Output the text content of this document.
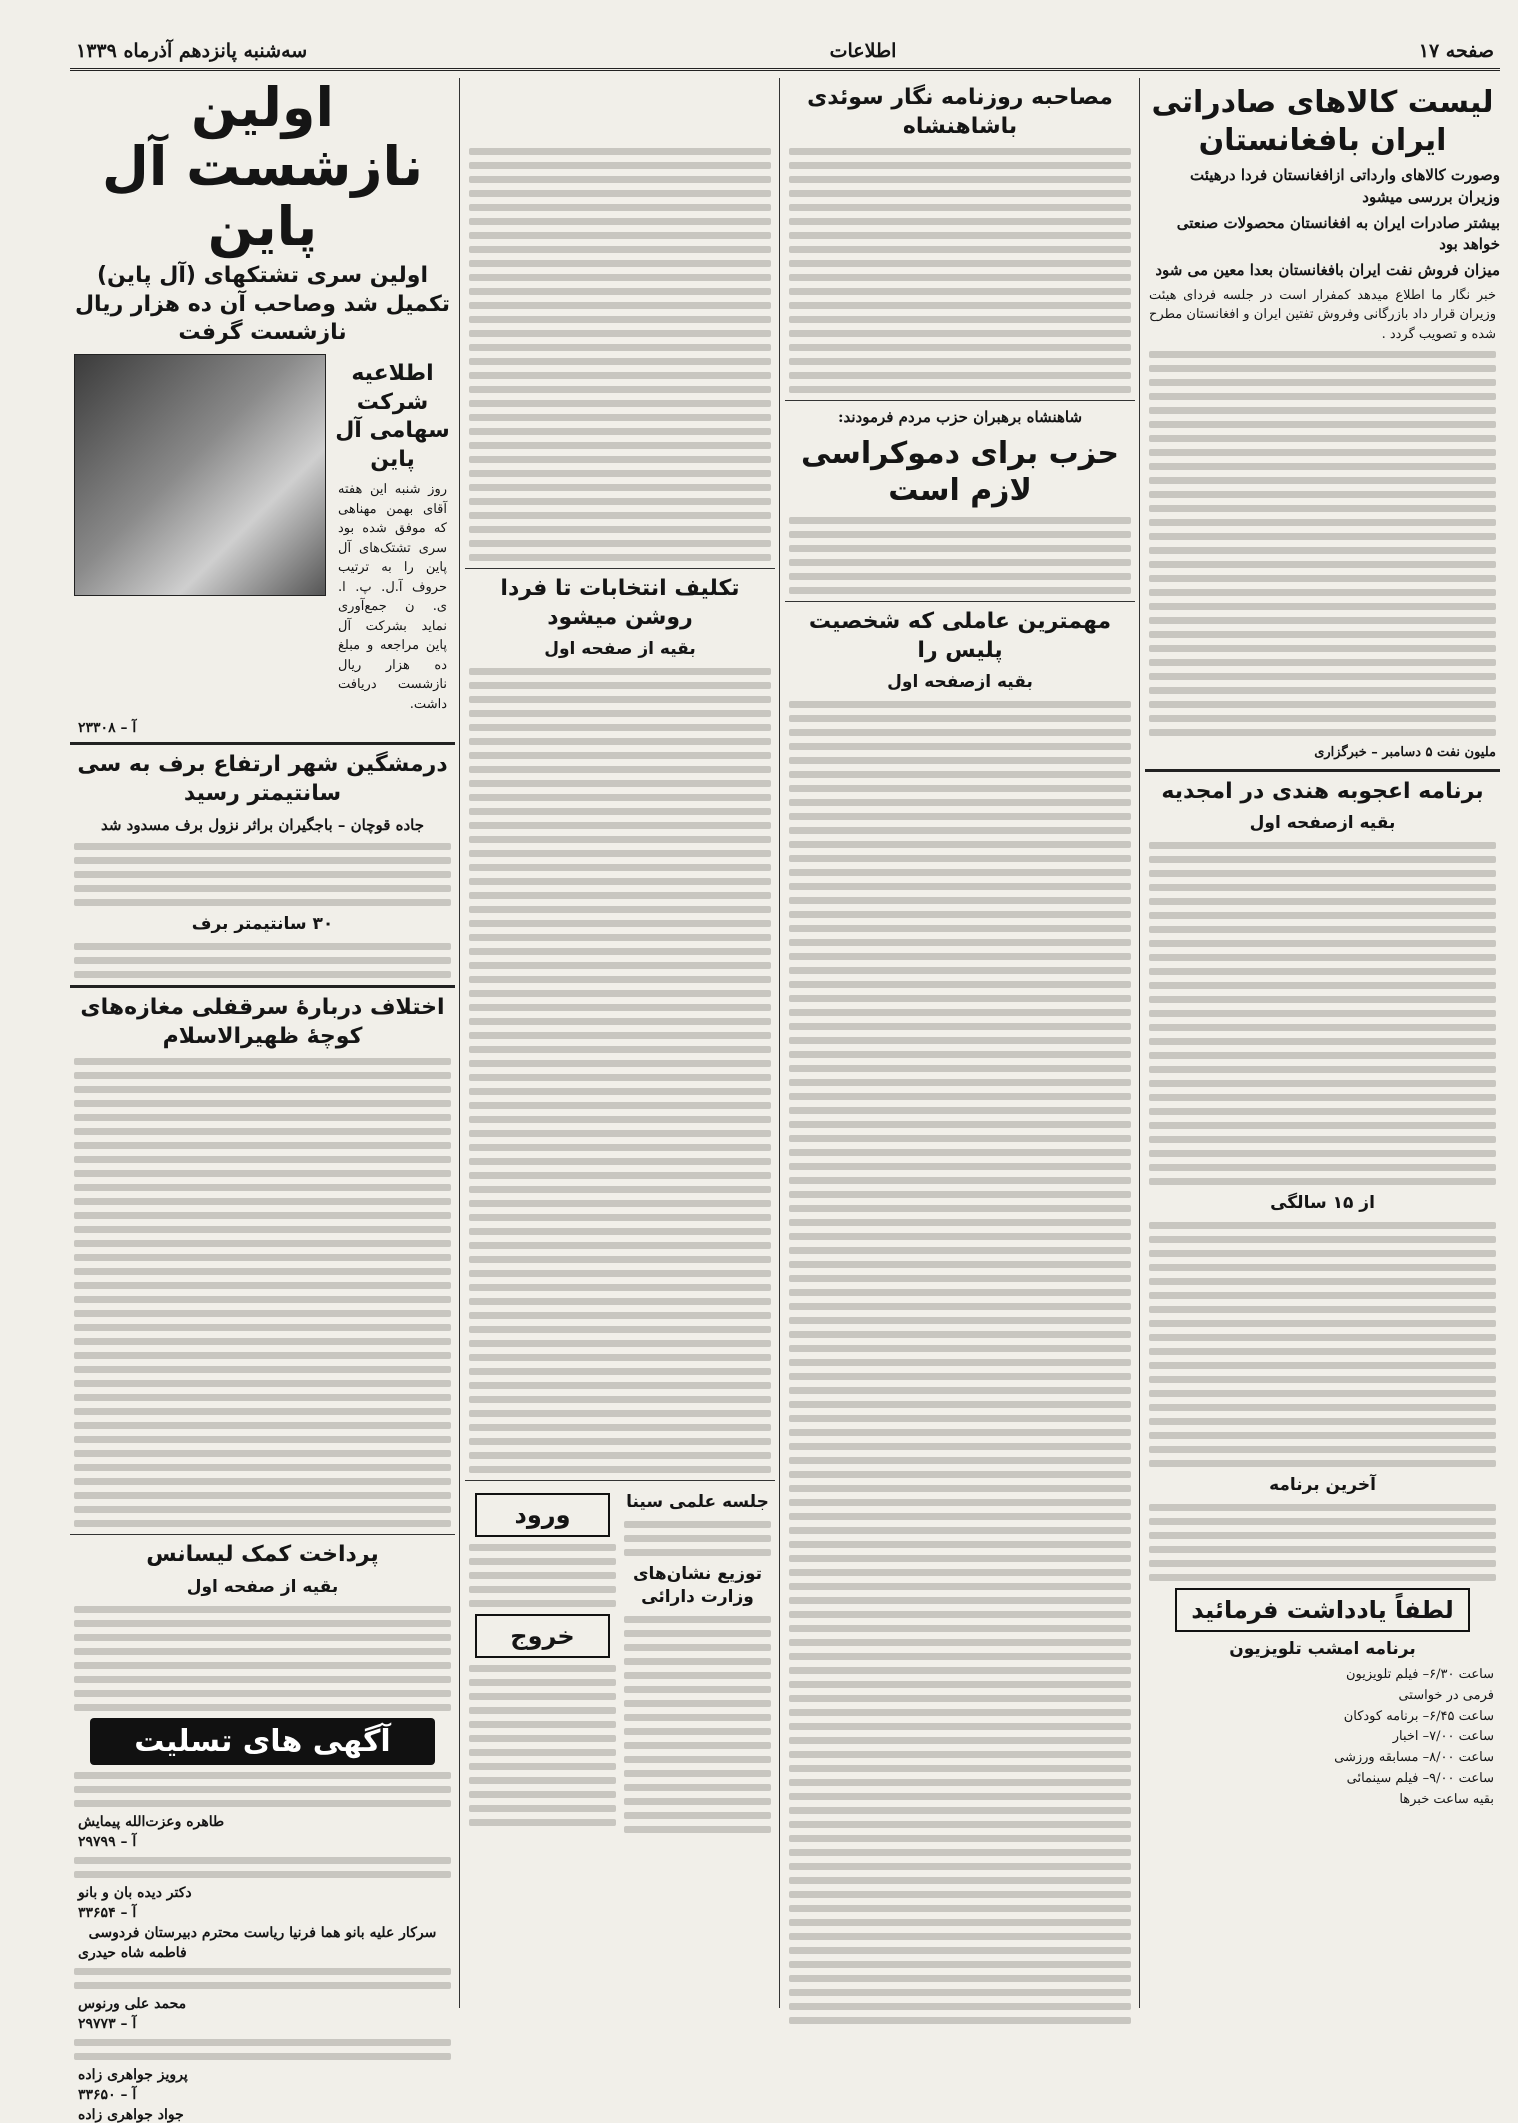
صفحه ۱۷
اطلاعات
سه‌شنبه پانزدهم آذرماه ۱۳۳۹
لیست کالاهای صادراتی ایران بافغانستان
وصورت کالاهای وارداتی ازافغانستان فردا درهیئت وزیران بررسی میشود
بیشتر صادرات ایران به افغانستان محصولات صنعتی خواهد بود
میزان فروش نفت ایران بافغانستان بعدا معین می شود
خبر نگار ما اطلاع میدهد کمفرار است در جلسه فردای هیئت وزیران قرار داد بازرگانی وفروش تفتین ایران و افغانستان مطرح شده و تصویب گردد .
ملیون نفت ۵ دسامبر – خبرگزاری
برنامه اعجوبه هندی در امجدیه
بقیه ازصفحه اول
از ۱۵ سالگی
آخرین برنامه
لطفاً یادداشت فرمائید
برنامه امشب تلویزیون
ساعت ۶/۳۰– فیلم تلویزیون
فرمی در خواستی
ساعت ۶/۴۵– برنامه کودکان
ساعت ۷/۰۰– اخبار
ساعت ۸/۰۰– مسابقه ورزشی
ساعت ۹/۰۰– فیلم سینمائی
بقیه ساعت خبرها
مصاحبه روزنامه نگار سوئدی باشاهنشاه
شاهنشاه برهبران حزب مردم فرمودند:
حزب برای دموکراسی لازم است
مهمترین عاملی که شخصیت پلیس را
بقیه ازصفحه اول
تکلیف انتخابات تا فردا روشن میشود
بقیه از صفحه اول
جلسه علمی سینا
توزیع نشان‌های وزارت دارائی
ورود
خروج
اولین نازشست آل پاین
اولین سری تشتکهای (آل پاین) تکمیل شد وصاحب آن ده هزار ریال نازشست گرفت
اطلاعیه شرکت سهامی آل پاین
روز شنبه این هفته آقای بهمن مهناهی که موفق شده بود سری تشتک‌های آل پاین را به ترتیب حروف آ.ل. پ. ا. ی. ن جمع‌آوری نماید بشرکت آل پاین مراجعه و مبلغ ده هزار ریال نازشست دریافت داشت.
آ – ۲۳۳۰۸
درمشگین شهر ارتفاع برف به سی سانتیمتر رسید
جاده قوچان – باجگیران براثر نزول برف مسدود شد
۳۰ سانتیمتر برف
اختلاف دربارهٔ سرقفلی مغازه‌های کوچهٔ ظهیرالاسلام
پرداخت کمک لیسانس
بقیه از صفحه اول
آگهی های تسلیت
طاهره وعزت‌الله پیمایش
آ – ۲۹۷۹۹
دکتر دیده بان و بانو
آ – ۳۳۶۵۴
سرکار علیه بانو هما فرنیا ریاست محترم دبیرستان فردوسی
فاطمه شاه حیدری
محمد علی ورنوس
آ – ۲۹۷۷۳
پرویز جواهری زاده
آ – ۳۳۶۵۰
جواد جواهری زاده
